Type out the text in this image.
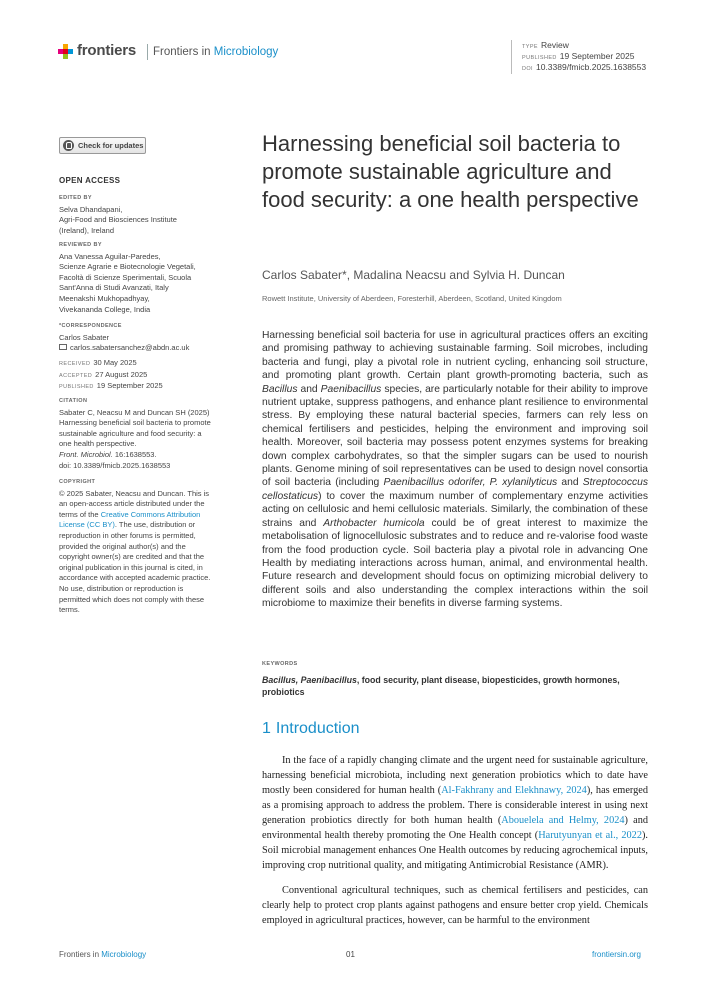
frontiers Frontiers in Microbiology	TYPE Review
PUBLISHED 19 September 2025
DOI 10.3389/fmicb.2025.1638553
Check for updates
OPEN ACCESS
EDITED BY
Selva Dhandapani,
Agri-Food and Biosciences Institute
(Ireland), Ireland
REVIEWED BY
Ana Vanessa Aguilar-Paredes,
Scienze Agrarie e Biotecnologie Vegetali,
Facoltà di Scienze Sperimentali, Scuola
Sant'Anna di Studi Avanzati, Italy
Meenakshi Mukhopadhyay,
Vivekananda College, India
*CORRESPONDENCE
Carlos Sabater
carlos.sabatersanchez@abdn.ac.uk
RECEIVED 30 May 2025
ACCEPTED 27 August 2025
PUBLISHED 19 September 2025
CITATION
Sabater C, Neacsu M and Duncan SH (2025)
Harnessing beneficial soil bacteria to promote
sustainable agriculture and food security: a
one health perspective.
Front. Microbiol. 16:1638553.
doi: 10.3389/fmicb.2025.1638553
COPYRIGHT
© 2025 Sabater, Neacsu and Duncan. This is
an open-access article distributed under the
terms of the Creative Commons Attribution
License (CC BY). The use, distribution or
reproduction in other forums is permitted,
provided the original author(s) and the
copyright owner(s) are credited and that the
original publication in this journal is cited, in
accordance with accepted academic practice.
No use, distribution or reproduction is
permitted which does not comply with these
terms.
Harnessing beneficial soil bacteria to promote sustainable agriculture and food security: a one health perspective
Carlos Sabater*, Madalina Neacsu and Sylvia H. Duncan
Rowett Institute, University of Aberdeen, Foresterhill, Aberdeen, Scotland, United Kingdom
Harnessing beneficial soil bacteria for use in agricultural practices offers an exciting and promising pathway to achieving sustainable farming. Soil microbes, including bacteria and fungi, play a pivotal role in nutrient cycling, enhancing soil structure, and promoting plant growth. Certain plant growth-promoting bacteria, such as Bacillus and Paenibacillus species, are particularly notable for their ability to improve nutrient uptake, suppress pathogens, and enhance plant resilience to environmental stress. By employing these natural bacterial species, farmers can rely less on chemical fertilisers and pesticides, helping the environment and improving soil health. Moreover, soil bacteria may possess potent enzymes systems for breaking down complex carbohydrates, so that the simpler sugars can be used to nourish plants. Genome mining of soil representatives can be used to design novel consortia of soil bacteria (including Paenibacillus odorifer, P. xylanilyticus and Streptococcus cellostaticus) to cover the maximum number of complementary enzyme activities acting on cellulosic and hemi cellulosic materials. Similarly, the combination of these strains and Arthobacter humicola could be of great interest to maximize the metabolisation of lignocellulosic substrates and to reduce and re-valorise food waste from the food production cycle. Soil bacteria play a pivotal role in advancing One Health by mediating interactions across human, animal, and environmental health. Future research and development should focus on optimizing microbial delivery to different soils and also understanding the complex interactions within the soil microbiome to maximize their benefits in diverse farming systems.
KEYWORDS
Bacillus, Paenibacillus, food security, plant disease, biopesticides, growth hormones, probiotics
1 Introduction

In the face of a rapidly changing climate and the urgent need for sustainable agriculture, harnessing beneficial microbiota, including next generation probiotics which to date have mostly been considered for human health (Al-Fakhrany and Elekhnawy, 2024), has emerged as a promising approach to address the problem. There is considerable interest in using next generation probiotics directly for both human health (Abouelela and Helmy, 2024) and environmental health thereby promoting the One Health concept (Harutyunyan et al., 2022). Soil microbial management enhances One Health outcomes by reducing agrochemical inputs, improving crop nutritional quality, and mitigating Antimicrobial Resistance (AMR).

Conventional agricultural techniques, such as chemical fertilisers and pesticides, can clearly help to protect crop plants against pathogens and ensure better crop yield. Chemicals employed in agricultural practices, however, can be harmful to the environment

Frontiers in Microbiology	01	frontiersin.org
